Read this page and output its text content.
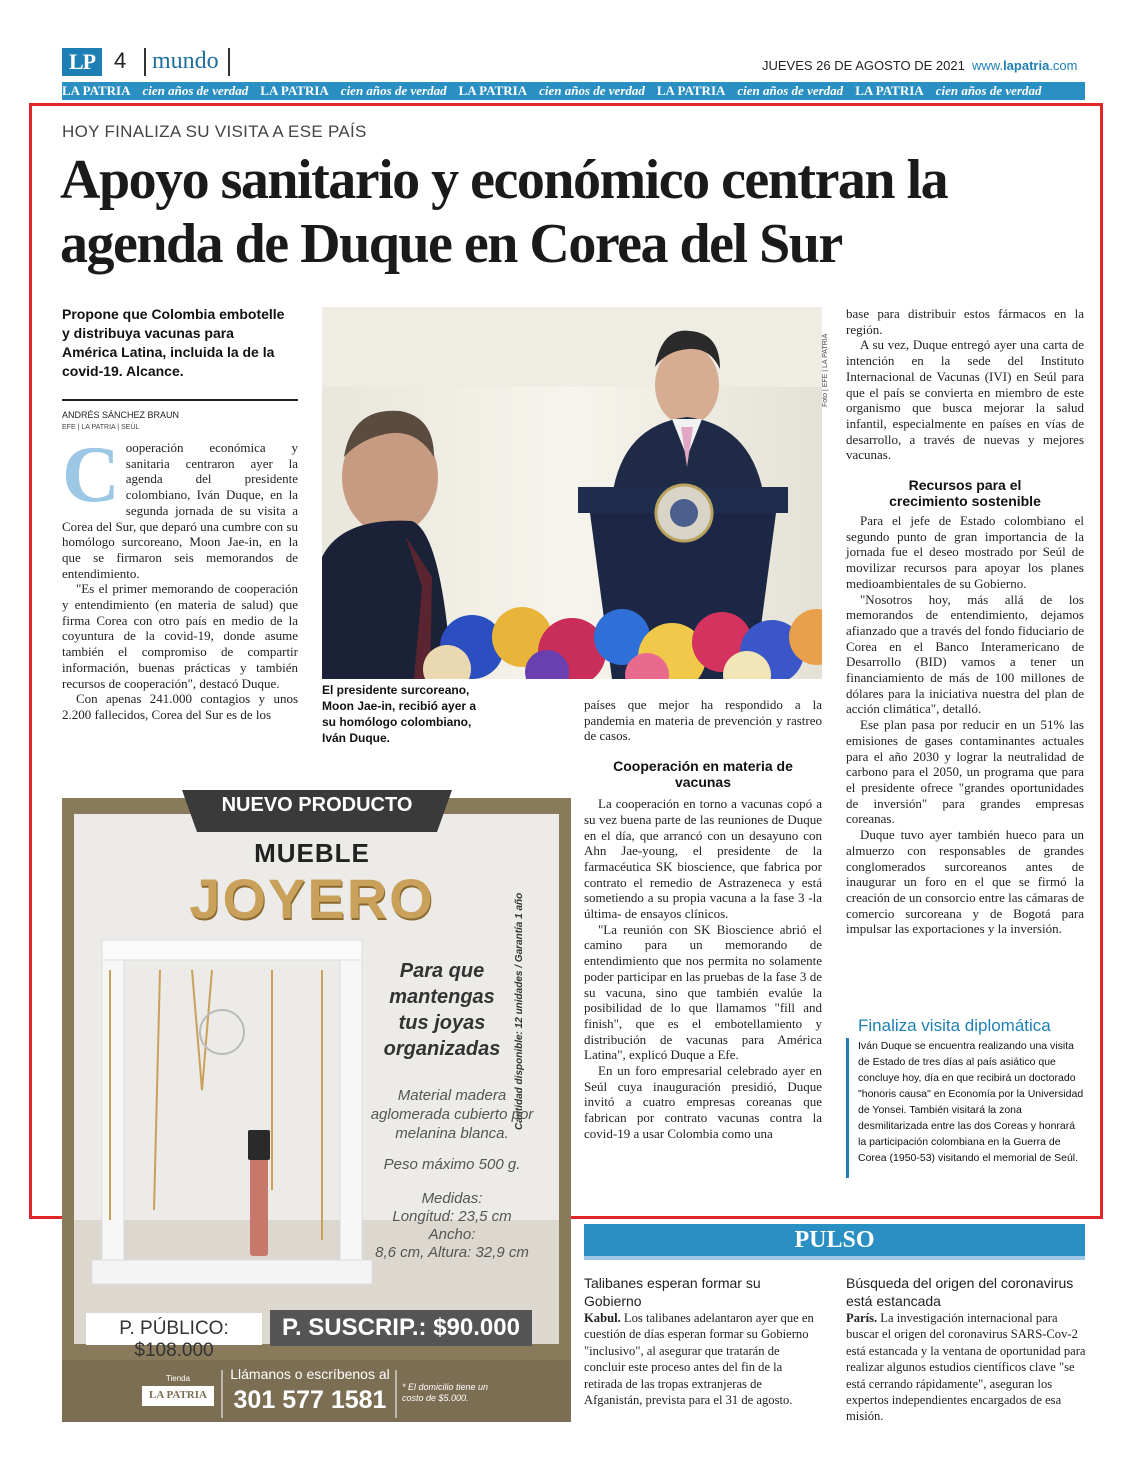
LP 4 mundo	JUEVES 26 DE AGOSTO DE 2021 www.lapatria.com
LA PATRIA cien años de verdad LA PATRIA cien años de verdad LA PATRIA cien años de verdad LA PATRIA cien años de verdad LA PATRIA cien años de verdad
HOY FINALIZA SU VISITA A ESE PAÍS
Apoyo sanitario y económico centran la agenda de Duque en Corea del Sur
Propone que Colombia embotelle y distribuya vacunas para América Latina, incluida la de la covid-19. Alcance.
ANDRÉS SÁNCHEZ BRAUN
EFE | LA PATRIA | SEÚL
C ooperación económica y sanitaria centraron ayer la agenda del presidente colombiano, Iván Duque, en la segunda jornada de su visita a Corea del Sur, que deparó una cumbre con su homólogo surcoreano, Moon Jae-in, en la que se firmaron seis memorandos de entendimiento.

"Es el primer memorando de cooperación y entendimiento (en materia de salud) que firma Corea con otro país en medio de la coyuntura de la covid-19, donde asume también el compromiso de compartir información, buenas prácticas y también recursos de cooperación", destacó Duque.

Con apenas 241.000 contagios y unos 2.200 fallecidos, Corea del Sur es de los

Foto | EFE | LA PATRIA
El presidente surcoreano, Moon Jae-in, recibió ayer a su homólogo colombiano, Iván Duque.

países que mejor ha respondido a la pandemia en materia de prevención y rastreo de casos.

Cooperación en materia de vacunas

La cooperación en torno a vacunas copó a su vez buena parte de las reuniones de Duque en el día, que arrancó con un desayuno con Ahn Jae-young, el presidente de la farmacéutica SK bioscience, que fabrica por contrato el remedio de Astrazeneca y está sometiendo a su propia vacuna a la fase 3 -la última- de ensayos clínicos.

"La reunión con SK Bioscience abrió el camino para un memorando de entendimiento que nos permita no solamente poder participar en las pruebas de la fase 3 de su vacuna, sino que también evalúe la posibilidad de lo que llamamos "fill and finish", que es el embotellamiento y distribución de vacunas para América Latina", explicó Duque a Efe.

En un foro empresarial celebrado ayer en Seúl cuya inauguración presidió, Duque invitó a cuatro empresas coreanas que fabrican por contrato vacunas contra la covid-19 a usar Colombia como una

base para distribuir estos fármacos en la región.

A su vez, Duque entregó ayer una carta de intención en la sede del Instituto Internacional de Vacunas (IVI) en Seúl para que el país se convierta en miembro de este organismo que busca mejorar la salud infantil, especialmente en países en vías de desarrollo, a través de nuevas y mejores vacunas.

Recursos para el crecimiento sostenible

Para el jefe de Estado colombiano el segundo punto de gran importancia de la jornada fue el deseo mostrado por Seúl de movilizar recursos para apoyar los planes medioambientales de su Gobierno.

"Nosotros hoy, más allá de los memorandos de entendimiento, dejamos afianzado que a través del fondo fiduciario de Corea en el Banco Interamericano de Desarrollo (BID) vamos a tener un financiamiento de más de 100 millones de dólares para la iniciativa nuestra del plan de acción climática", detalló.

Ese plan pasa por reducir en un 51% las emisiones de gases contaminantes actuales para el año 2030 y lograr la neutralidad de carbono para el 2050, un programa que para el presidente ofrece "grandes oportunidades de inversión" para grandes empresas coreanas.

Duque tuvo ayer también hueco para un almuerzo con responsables de grandes conglomerados surcoreanos antes de inaugurar un foro en el que se firmó la creación de un consorcio entre las cámaras de comercio surcoreana y de Bogotá para impulsar las exportaciones y la inversión.

Finaliza visita diplomática
Iván Duque se encuentra realizando una visita de Estado de tres días al país asiático que concluye hoy, día en que recibirá un doctorado "honoris causa" en Economía por la Universidad de Yonsei. También visitará la zona desmilitarizada entre las dos Coreas y honrará la participación colombiana en la Guerra de Corea (1950-53) visitando el memorial de Seúl.
NUEVO PRODUCTO
MUEBLE
JOYERO	Cantidad disponible: 12 unidades / Garantía 1 año
Para que mantengas tus joyas organizadas
Material madera aglomerada cubierto por melanina blanca.
Peso máximo 500 g.
Medidas:
Longitud: 23,5 cm
Ancho:
8,6 cm, Altura: 32,9 cm
P. PÚBLICO: $108.000
P. SUSCRIP.: $90.000
Tienda
LA PATRIA
Llámanos o escríbenos al
301 577 1581	* El domicilio tiene un costo de $5.000.
PULSO
Talibanes esperan formar su Gobierno
Kabul. Los talibanes adelantaron ayer que en cuestión de días esperan formar su Gobierno "inclusivo", al asegurar que tratarán de concluir este proceso antes del fin de la retirada de las tropas extranjeras de Afganistán, prevista para el 31 de agosto.
Búsqueda del origen del coronavirus está estancada
París. La investigación internacional para buscar el origen del coronavirus SARS-Cov-2 está estancada y la ventana de oportunidad para realizar algunos estudios científicos clave "se está cerrando rápidamente", aseguran los expertos independientes encargados de esa misión.
